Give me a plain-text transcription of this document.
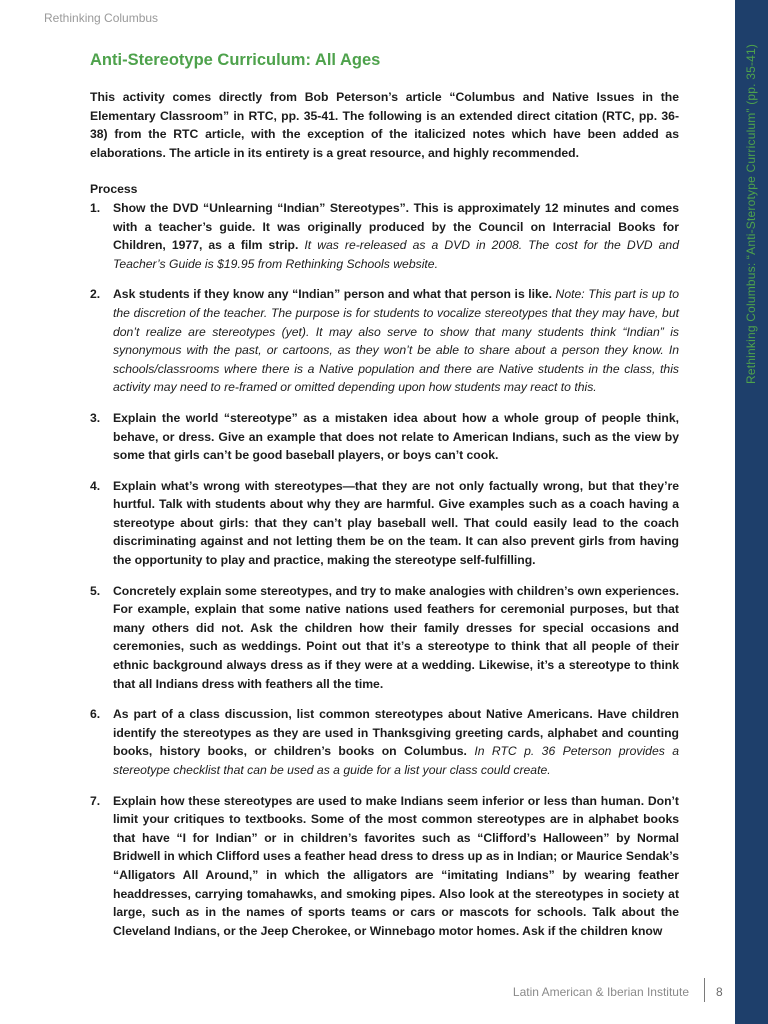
Rethinking Columbus
Rethinking Columbus: “Anti-Sterotype Curriculum” (pp. 35-41)
Anti-Stereotype Curriculum: All Ages

This activity comes directly from Bob Peterson’s article “Columbus and Native Issues in the Elementary Classroom” in RTC, pp. 35-41. The following is an extended direct citation (RTC, pp. 36-38) from the RTC article, with the exception of the italicized notes which have been added as elaborations. The article in its entirety is a great resource, and highly recommended.

Process

1. Show the DVD “Unlearning “Indian” Stereotypes”. This is approximately 12 minutes and comes with a teacher’s guide. It was originally produced by the Council on Interracial Books for Children, 1977, as a film strip. It was re-released as a DVD in 2008. The cost for the DVD and Teacher’s Guide is $19.95 from Rethinking Schools website.
2. Ask students if they know any “Indian” person and what that person is like. Note: This part is up to the discretion of the teacher. The purpose is for students to vocalize stereotypes that they may have, but don’t realize are stereotypes (yet). It may also serve to show that many students think “Indian” is synonymous with the past, or cartoons, as they won’t be able to share about a person they know. In schools/classrooms where there is a Native population and there are Native students in the class, this activity may need to re-framed or omitted depending upon how students may react to this.
3. Explain the world “stereotype” as a mistaken idea about how a whole group of people think, behave, or dress. Give an example that does not relate to American Indians, such as the view by some that girls can’t be good baseball players, or boys can’t cook.
4. Explain what’s wrong with stereotypes—that they are not only factually wrong, but that they’re hurtful. Talk with students about why they are harmful. Give examples such as a coach having a stereotype about girls: that they can’t play baseball well. That could easily lead to the coach discriminating against and not letting them be on the team. It can also prevent girls from having the opportunity to play and practice, making the stereotype self-fulfilling.
5. Concretely explain some stereotypes, and try to make analogies with children’s own experiences. For example, explain that some native nations used feathers for ceremonial purposes, but that many others did not. Ask the children how their family dresses for special occasions and ceremonies, such as weddings. Point out that it’s a stereotype to think that all people of their ethnic background always dress as if they were at a wedding. Likewise, it’s a stereotype to think that all Indians dress with feathers all the time.
6. As part of a class discussion, list common stereotypes about Native Americans. Have children identify the stereotypes as they are used in Thanksgiving greeting cards, alphabet and counting books, history books, or children’s books on Columbus. In RTC p. 36 Peterson provides a stereotype checklist that can be used as a guide for a list your class could create.
7. Explain how these stereotypes are used to make Indians seem inferior or less than human. Don’t limit your critiques to textbooks. Some of the most common stereotypes are in alphabet books that have “I for Indian” or in children’s favorites such as “Clifford’s Halloween” by Normal Bridwell in which Clifford uses a feather head dress to dress up as in Indian; or Maurice Sendak’s “Alligators All Around,” in which the alligators are “imitating Indians” by wearing feather headdresses, carrying tomahawks, and smoking pipes. Also look at the stereotypes in society at large, such as in the names of sports teams or cars or mascots for schools. Talk about the Cleveland Indians, or the Jeep Cherokee, or Winnebago motor homes. Ask if the children know
Latin American & Iberian Institute 8
